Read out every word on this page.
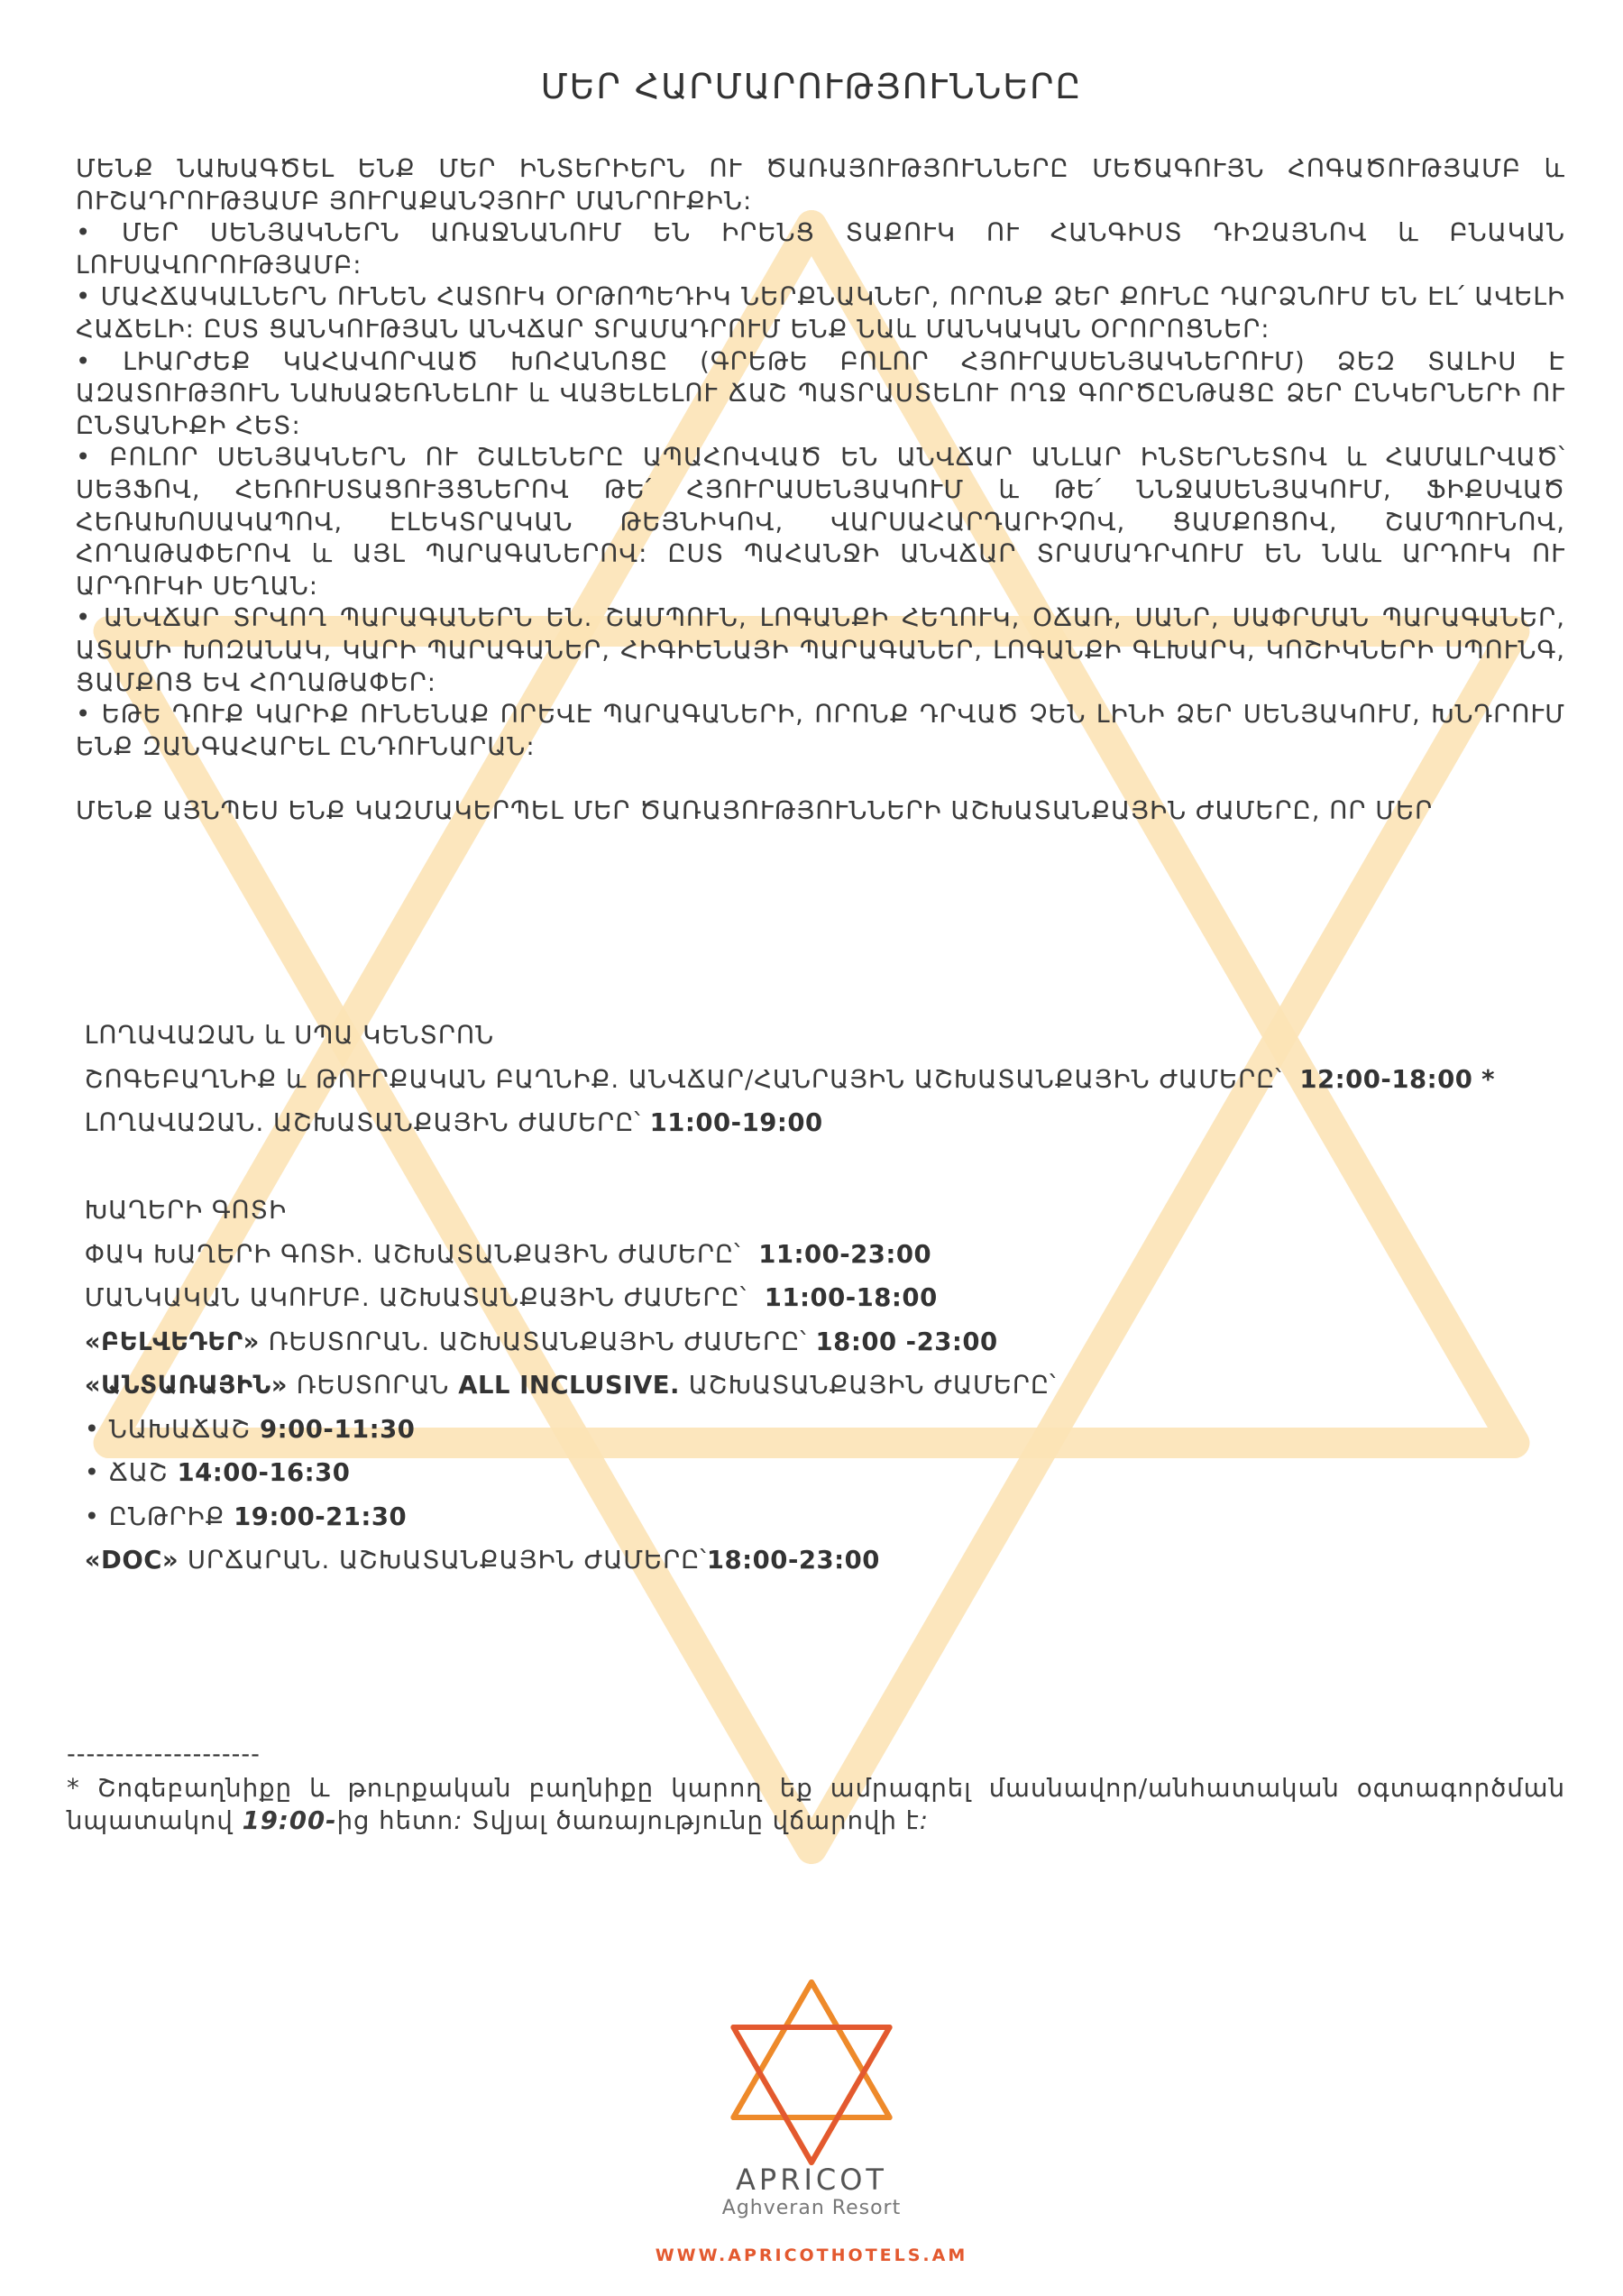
ՄԵՐ ՀԱՐՄԱՐՈՒԹՅՈՒՆՆԵՐԸ

ՄԵՆՔ ՆԱԽԱԳԾԵԼ ԵՆՔ ՄԵՐ ԻՆՏԵՐԻԵՐՆ ՈՒ ԾԱՌԱՅՈՒԹՅՈՒՆՆԵՐԸ ՄԵԾԱԳՈՒՅՆ ՀՈԳԱԾՈՒԹՅԱՄԲ և ՈՒՇԱԴՐՈՒԹՅԱՄԲ ՅՈՒՐԱՔԱՆՉՅՈՒՐ ՄԱՆՐՈՒՔԻՆ:

• ՄԵՐ ՍԵՆՅԱԿՆԵՐՆ ԱՌԱՋՆԱՆՈՒՄ ԵՆ ԻՐԵՆՑ ՏԱՔՈՒԿ ՈՒ ՀԱՆԳԻՍՏ ԴԻԶԱՅՆՈՎ և ԲՆԱԿԱՆ ԼՈՒՍԱՎՈՐՈՒԹՅԱՄԲ:

• ՄԱՀՃԱԿԱԼՆԵՐՆ ՈՒՆԵՆ ՀԱՏՈՒԿ ՕՐԹՈՊԵԴԻԿ ՆԵՐՔՆԱԿՆԵՐ, ՈՐՈՆՔ ՁԵՐ ՔՈՒՆԸ ԴԱՐՁՆՈՒՄ ԵՆ ԷԼ՛ ԱՎԵԼԻ ՀԱՃԵԼԻ: ԸՍՏ ՑԱՆԿՈՒԹՅԱՆ ԱՆՎՃԱՐ ՏՐԱՄԱԴՐՈՒՄ ԵՆՔ ՆԱև ՄԱՆԿԱԿԱՆ ՕՐՈՐՈՑՆԵՐ:

• ԼԻԱՐԺԵՔ ԿԱՀԱՎՈՐՎԱԾ ԽՈՀԱՆՈՑԸ (ԳՐԵԹԵ ԲՈԼՈՐ ՀՅՈՒՐԱՍԵՆՅԱԿՆԵՐՈՒՄ) ՁԵԶ ՏԱԼԻՍ Է ԱԶԱՏՈՒԹՅՈՒՆ ՆԱԽԱՁԵՌՆԵԼՈՒ և ՎԱՅԵԼԵԼՈՒ ՃԱՇ ՊԱՏՐԱՍՏԵԼՈՒ ՈՂՋ ԳՈՐԾԸՆԹԱՑԸ ՁԵՐ ԸՆԿԵՐՆԵՐԻ ՈՒ ԸՆՏԱՆԻՔԻ ՀԵՏ:

• ԲՈԼՈՐ ՍԵՆՅԱԿՆԵՐՆ ՈՒ ՇԱԼԵՆԵՐԸ ԱՊԱՀՈՎՎԱԾ ԵՆ ԱՆՎՃԱՐ ԱՆԼԱՐ ԻՆՏԵՐՆԵՏՈՎ և ՀԱՄԱԼՐՎԱԾ՝ ՍԵՅՖՈՎ, ՀԵՌՈՒՍՏԱՑՈՒՅՑՆԵՐՈՎ ԹԵ՛ ՀՅՈՒՐԱՍԵՆՅԱԿՈՒՄ և ԹԵ՛ ՆՆՋԱՍԵՆՅԱԿՈՒՄ, ՖԻՔՍՎԱԾ ՀԵՌԱԽՈՍԱԿԱՊՈՎ, ԷԼԵԿՏՐԱԿԱՆ ԹԵՅՆԻԿՈՎ, ՎԱՐՍԱՀԱՐԴԱՐԻՉՈՎ, ՑԱՄՔՈՑՈՎ, ՇԱՄՊՈՒՆՈՎ, ՀՈՂԱԹԱՓԵՐՈՎ և ԱՅԼ ՊԱՐԱԳԱՆԵՐՈՎ: ԸՍՏ ՊԱՀԱՆՋԻ ԱՆՎՃԱՐ ՏՐԱՄԱԴՐՎՈՒՄ ԵՆ ՆԱև ԱՐԴՈՒԿ ՈՒ ԱՐԴՈՒԿԻ ՍԵՂԱՆ:

• ԱՆՎՃԱՐ ՏՐՎՈՂ ՊԱՐԱԳԱՆԵՐՆ ԵՆ. ՇԱՄՊՈՒՆ, ԼՈԳԱՆՔԻ ՀԵՂՈՒԿ, ՕՃԱՌ, ՍԱՆՐ, ՍԱՓՐՄԱՆ ՊԱՐԱԳԱՆԵՐ, ԱՏԱՄԻ ԽՈԶԱՆԱԿ, ԿԱՐԻ ՊԱՐԱԳԱՆԵՐ, ՀԻԳԻԵՆԱՅԻ ՊԱՐԱԳԱՆԵՐ, ԼՈԳԱՆՔԻ ԳԼԽԱՐԿ, ԿՈՇԻԿՆԵՐԻ ՍՊՈՒՆԳ, ՑԱՄՔՈՑ ԵՎ ՀՈՂԱԹԱՓԵՐ:

• ԵԹԵ ԴՈՒՔ ԿԱՐԻՔ ՈՒՆԵՆԱՔ ՈՐԵՎԷ ՊԱՐԱԳԱՆԵՐԻ, ՈՐՈՆՔ ԴՐՎԱԾ ՉԵՆ ԼԻՆԻ ՁԵՐ ՍԵՆՅԱԿՈՒՄ, ԽՆԴՐՈՒՄ ԵՆՔ ԶԱՆԳԱՀԱՐԵԼ ԸՆԴՈՒՆԱՐԱՆ:

ՄԵՆՔ ԱՅՆՊԵՍ ԵՆՔ ԿԱԶՄԱԿԵՐՊԵԼ ՄԵՐ ԾԱՌԱՅՈՒԹՅՈՒՆՆԵՐԻ ԱՇԽԱՏԱՆՔԱՅԻՆ ԺԱՄԵՐԸ, ՈՐ ՄԵՐ

ԼՈՂԱՎԱԶԱՆ և ՍՊԱ ԿԵՆՏՐՈՆ
ՇՈԳԵԲԱՂՆԻՔ և ԹՈՒՐՔԱԿԱՆ ԲԱՂՆԻՔ. ԱՆՎՃԱՐ/ՀԱՆՐԱՅԻՆ ԱՇԽԱՏԱՆՔԱՅԻՆ ԺԱՄԵՐԸ՝ 12:00-18:00 *
ԼՈՂԱՎԱԶԱՆ. ԱՇԽԱՏԱՆՔԱՅԻՆ ԺԱՄԵՐԸ՝ 11:00-19:00
ԽԱՂԵՐԻ ԳՈՏԻ
ՓԱԿ ԽԱՂԵՐԻ ԳՈՏԻ. ԱՇԽԱՏԱՆՔԱՅԻՆ ԺԱՄԵՐԸ՝ 11:00-23:00
ՄԱՆԿԱԿԱՆ ԱԿՈՒՄԲ. ԱՇԽԱՏԱՆՔԱՅԻՆ ԺԱՄԵՐԸ՝ 11:00-18:00
«ԲԵԼՎԵԴԵՐ» ՌԵՍՏՈՐԱՆ. ԱՇԽԱՏԱՆՔԱՅԻՆ ԺԱՄԵՐԸ՝ 18:00 -23:00
«ԱՆՏԱՌԱՅԻՆ» ՌԵՍՏՈՐԱՆ ALL INCLUSIVE. ԱՇԽԱՏԱՆՔԱՅԻՆ ԺԱՄԵՐԸ՝
• ՆԱԽԱՃԱՇ 9:00-11:30
• ՃԱՇ 14:00-16:30
• ԸՆԹՐԻՔ 19:00-21:30
«DOC» ՍՐՃԱՐԱՆ. ԱՇԽԱՏԱՆՔԱՅԻՆ ԺԱՄԵՐԸ՝18:00-23:00
--------------------
* Շոգեբաղնիքը և թուրքական բաղնիքը կարող եք ամրագրել մասնավոր/անհատական օգտագործման նպատակով 19:00-ից հետո: Տվյալ ծառայությունը վճարովի է:
APRICOT
Aghveran Resort
WWW.APRICOTHOTELS.AM
